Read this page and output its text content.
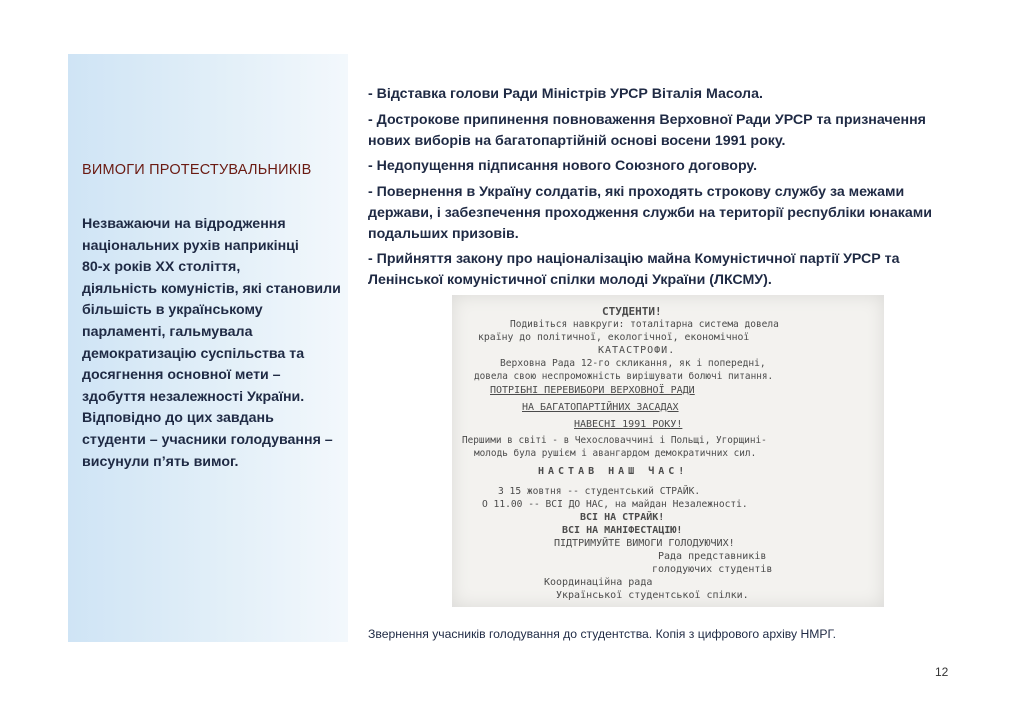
ВИМОГИ ПРОТЕСТУВАЛЬНИКІВ
Незважаючи на відродження
національних рухів наприкінці
80-х років ХХ століття,
діяльність комуністів, які становили
більшість в українському
парламенті, гальмувала
демократизацію суспільства та
досягнення основної мети –
здобуття незалежності України.
Відповідно до цих завдань
студенти – учасники голодування –
висунули п’ять вимог.
- Відставка голови Ради Міністрів УРСР Віталія Масола.
- Дострокове припинення повноваження Верховної Ради УРСР та призначення
нових виборів на багатопартійній основі восени 1991 року.
- Недопущення підписання нового Союзного договору.
- Повернення в Україну солдатів, які проходять строкову службу за межами
держави, і забезпечення проходження служби на території республіки юнаками
подальших призовів.
- Прийняття закону про націоналізацію майна Комуністичної партії УРСР та
Ленінської комуністичної спілки молоді України (ЛКСМУ).
СТУДЕНТИ!
Подивіться навкруги: тоталітарна система довела
країну до політичної, екологічної, економічної
КАТАСТРОФИ.
Верховна Рада 12-го скликання, як і попередні,
довела свою неспроможність вирішувати болючі питання.
ПОТРІБНІ ПЕРЕВИБОРИ ВЕРХОВНОЇ РАДИ
НА БАГАТОПАРТІЙНИХ ЗАСАДАХ
НАВЕСНІ 1991 РОКУ!
Першими в світі - в Чехословаччині і Польщі, Угорщині-
молодь була рушієм і авангардом демократичних сил.
НАСТАВ НАШ ЧАС!
З 15 жовтня -- студентський СТРАЙК.
О 11.00 -- ВСІ ДО НАС, на майдан Незалежності.
ВСІ НА СТРАЙК!
ВСІ НА МАНІФЕСТАЦІЮ!
ПІДТРИМУЙТЕ ВИМОГИ ГОЛОДУЮЧИХ!
Рада представників
голодуючих студентів
Координаційна рада
Української студентської спілки.
Звернення учасників голодування до студентства. Копія з цифрового архіву НМРГ.
12
